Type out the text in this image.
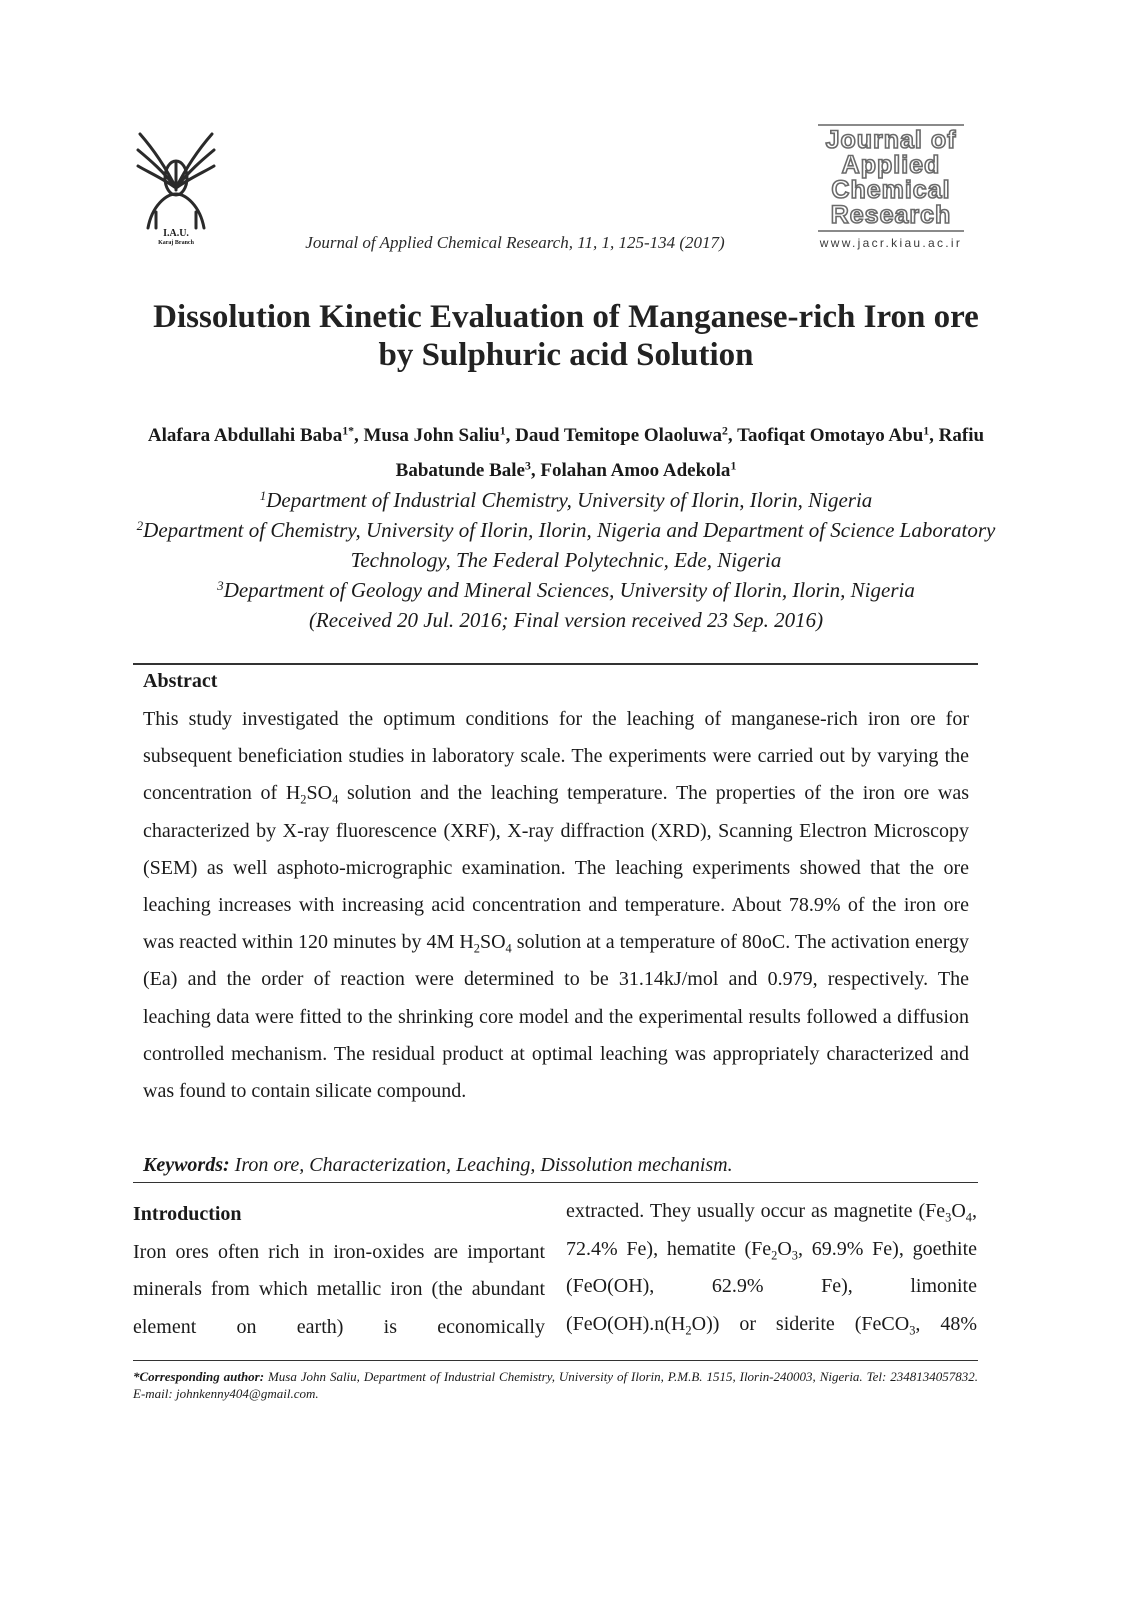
I.A.U.
Karaj Branch	Journal of Applied Chemical Research, 11, 1, 125-134 (2017)
Journal of
Applied
Chemical
Research
www.jacr.kiau.ac.ir
Dissolution Kinetic Evaluation of Manganese-rich Iron ore
by Sulphuric acid Solution
Alafara Abdullahi Baba$^{1*}$, Musa John Saliu$^1$, Daud Temitope Olaoluwa$^2$, Taofiqat Omotayo Abu$^1$, Rafiu Babatunde Bale$^3$, Folahan Amoo Adekola$^1$
$^1$Department of Industrial Chemistry, University of Ilorin, Ilorin, Nigeria
$^2$Department of Chemistry, University of Ilorin, Ilorin, Nigeria and Department of Science Laboratory Technology, The Federal Polytechnic, Ede, Nigeria
$^3$Department of Geology and Mineral Sciences, University of Ilorin, Ilorin, Nigeria
(Received 20 Jul. 2016; Final version received 23 Sep. 2016)
Abstract
This study investigated the optimum conditions for the leaching of manganese-rich iron ore for subsequent beneficiation studies in laboratory scale. The experiments were carried out by varying the concentration of $H_2SO_4$ solution and the leaching temperature. The properties of the iron ore was characterized by X-ray fluorescence (XRF), X-ray diffraction (XRD), Scanning Electron Microscopy (SEM) as well asphoto-micrographic examination. The leaching experiments showed that the ore leaching increases with increasing acid concentration and temperature. About 78.9% of the iron ore was reacted within 120 minutes by 4M $H_2SO_4$ solution at a temperature of 80oC. The activation energy (Ea) and the order of reaction were determined to be 31.14kJ/mol and 0.979, respectively. The leaching data were fitted to the shrinking core model and the experimental results followed a diffusion controlled mechanism. The residual product at optimal leaching was appropriately characterized and was found to contain silicate compound.
Keywords: Iron ore, Characterization, Leaching, Dissolution mechanism.
Introduction
Iron ores often rich in iron-oxides are important minerals from which metallic iron (the abundant element on earth) is economically
extracted. They usually occur as magnetite ($Fe_3O_4$, 72.4% Fe), hematite ($Fe_2O_3$, 69.9% Fe), goethite (FeO(OH), 62.9% Fe), limonite $(FeO(OH).n(H_2O))$ or siderite (FeCO$_3$, 48%
*Corresponding author: Musa John Saliu, Department of Industrial Chemistry, University of Ilorin, P.M.B. 1515, Ilorin-240003, Nigeria. Tel: 2348134057832. E-mail: johnkenny404@gmail.com.
